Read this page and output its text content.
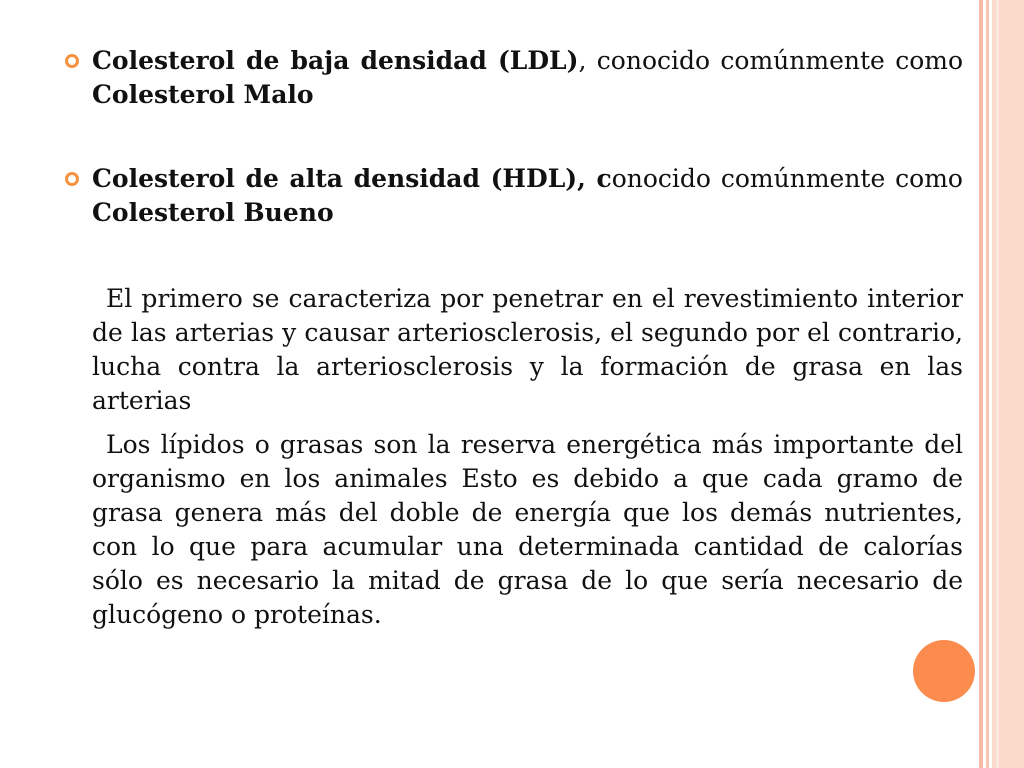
Colesterol de baja densidad (LDL), conocido comúnmente como Colesterol Malo
Colesterol de alta densidad (HDL), conocido comúnmente como Colesterol Bueno

El primero se caracteriza por penetrar en el revestimiento interior de las arterias y causar arteriosclerosis, el segundo por el contrario, lucha contra la arteriosclerosis y la formación de grasa en las arterias

Los lípidos o grasas son la reserva energética más importante del organismo en los animales Esto es debido a que cada gramo de grasa genera más del doble de energía que los demás nutrientes, con lo que para acumular una determinada cantidad de calorías sólo es necesario la mitad de grasa de lo que sería necesario de glucógeno o proteínas.
